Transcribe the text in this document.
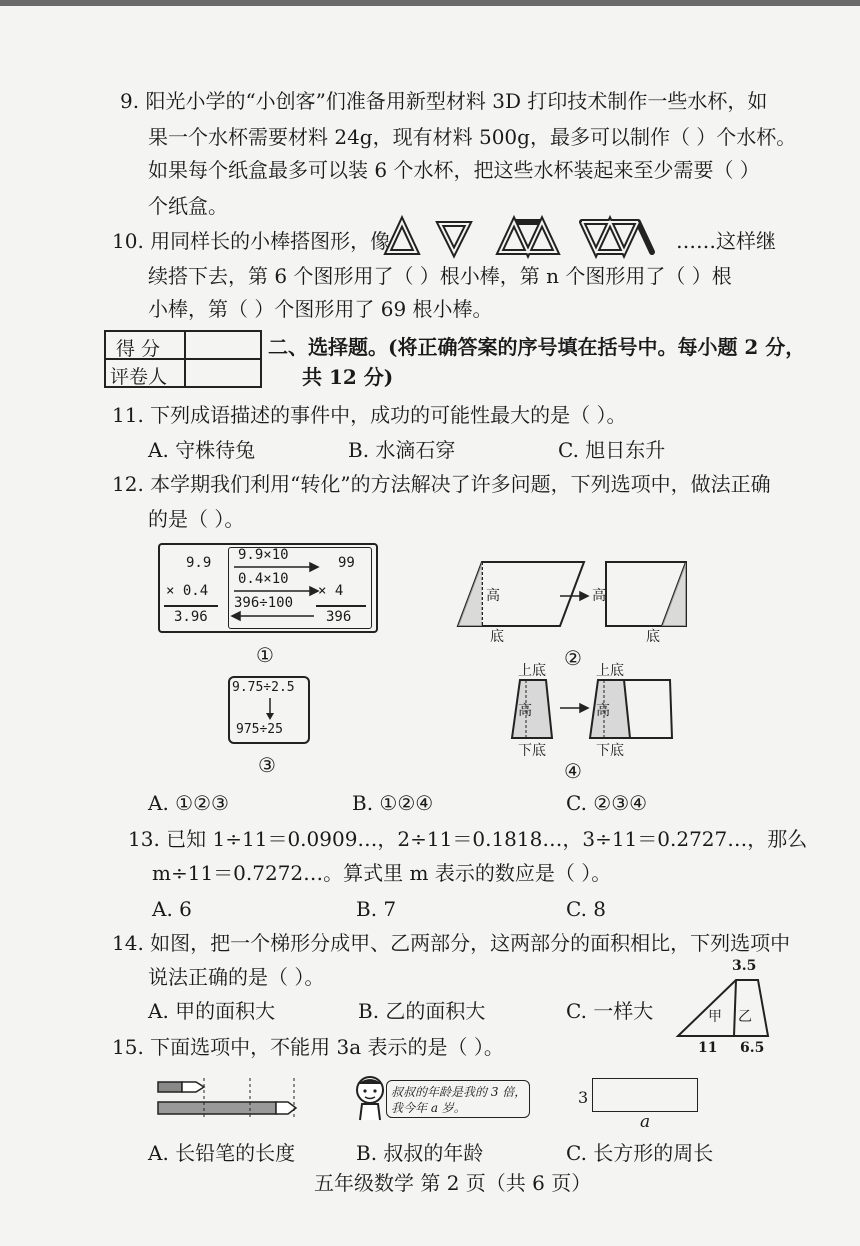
9. 阳光小学的“小创客”们准备用新型材料 3D 打印技术制作一些水杯，如
果一个水杯需要材料 24g，现有材料 500g，最多可以制作（ ）个水杯。
如果每个纸盒最多可以装 6 个水杯，把这些水杯装起来至少需要（ ）
个纸盒。
10. 用同样长的小棒搭图形，像	……这样继
续搭下去，第 6 个图形用了（ ）根小棒，第 n 个图形用了（ ）根
小棒，第（ ）个图形用了 69 根小棒。
得 分
评卷人
二、选择题。(将正确答案的序号填在括号中。每小题 2 分，
共 12 分)
11. 下列成语描述的事件中，成功的可能性最大的是（ ）。
A. 守株待兔	B. 水滴石穿	C. 旭日东升
12. 本学期我们利用“转化”的方法解决了许多问题，下列选项中，做法正确
的是（ ）。
9.9
× 0.4
3.96
9.9×10
0.4×10
396÷100
99
× 4
396
①
高	高
底	底
②
9.75÷2.5
975÷25
③
上底	上底
高	高
下底	下底
④
A. ①②③	B. ①②④	C. ②③④
13. 已知 1÷11＝0.0909…，2÷11＝0.1818…，3÷11＝0.2727…，那么
m÷11＝0.7272…。算式里 m 表示的数应是（ ）。
A. 6	B. 7	C. 8
14. 如图，把一个梯形分成甲、乙两部分，这两部分的面积相比，下列选项中
说法正确的是（ ）。
A. 甲的面积大	B. 乙的面积大	C. 一样大
3.5
甲 乙
11 6.5
15. 下面选项中，不能用 3a 表示的是（ ）。
叔叔的年龄是我的 3 倍，
我今年 a 岁。
3
a
A. 长铅笔的长度	B. 叔叔的年龄	C. 长方形的周长
五年级数学 第 2 页（共 6 页）
